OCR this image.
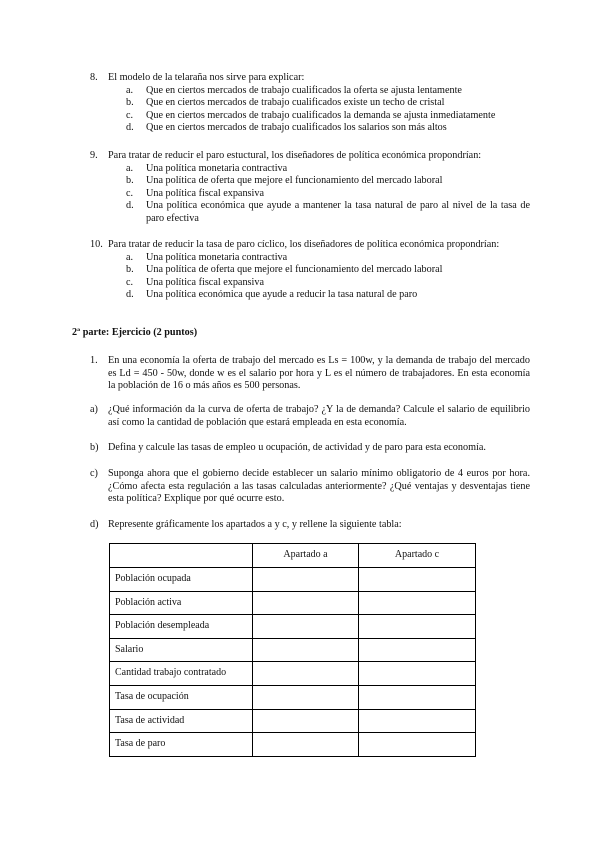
8.	El modelo de la telaraña nos sirve para explicar:
a. Que en ciertos mercados de trabajo cualificados la oferta se ajusta lentamente
b. Que en ciertos mercados de trabajo cualificados existe un techo de cristal
c. Que en ciertos mercados de trabajo cualificados la demanda se ajusta inmediatamente
d. Que en ciertos mercados de trabajo cualificados los salarios son más altos
9.	Para tratar de reducir el paro estuctural, los diseñadores de política económica propondrían:
a. Una política monetaria contractiva
b. Una política de oferta que mejore el funcionamiento del mercado laboral
c. Una política fiscal expansiva
d. Una política económica que ayude a mantener la tasa natural de paro al nivel de la tasa de paro efectiva
10. Para tratar de reducir la tasa de paro cíclico, los diseñadores de política económica propondrían:
a. Una política monetaria contractiva
b. Una política de oferta que mejore el funcionamiento del mercado laboral
c. Una política fiscal expansiva
d. Una política económica que ayude a reducir la tasa natural de paro
2ª parte: Ejercicio (2 puntos)
1.	En una economía la oferta de trabajo del mercado es Ls = 100w, y la demanda de trabajo del mercado es Ld = 450 - 50w, donde w es el salario por hora y L es el número de trabajadores. En esta economía la población de 16 o más años es 500 personas.
a) ¿Qué información da la curva de oferta de trabajo? ¿Y la de demanda? Calcule el salario de equilibrio así como la cantidad de población que estará empleada en esta economía.
b) Defina y calcule las tasas de empleo u ocupación, de actividad y de paro para esta economía.
c) Suponga ahora que el gobierno decide establecer un salario mínimo obligatorio de 4 euros por hora. ¿Cómo afecta esta regulación a las tasas calculadas anteriormente? ¿Qué ventajas y desventajas tiene esta política? Explique por qué ocurre esto.
d) Represente gráficamente los apartados a y c, y rellene la siguiente tabla:
	Apartado a	Apartado c
Población ocupada		
Población activa		
Población desempleada		
Salario		
Cantidad trabajo contratado		
Tasa de ocupación		
Tasa de actividad		
Tasa de paro		
